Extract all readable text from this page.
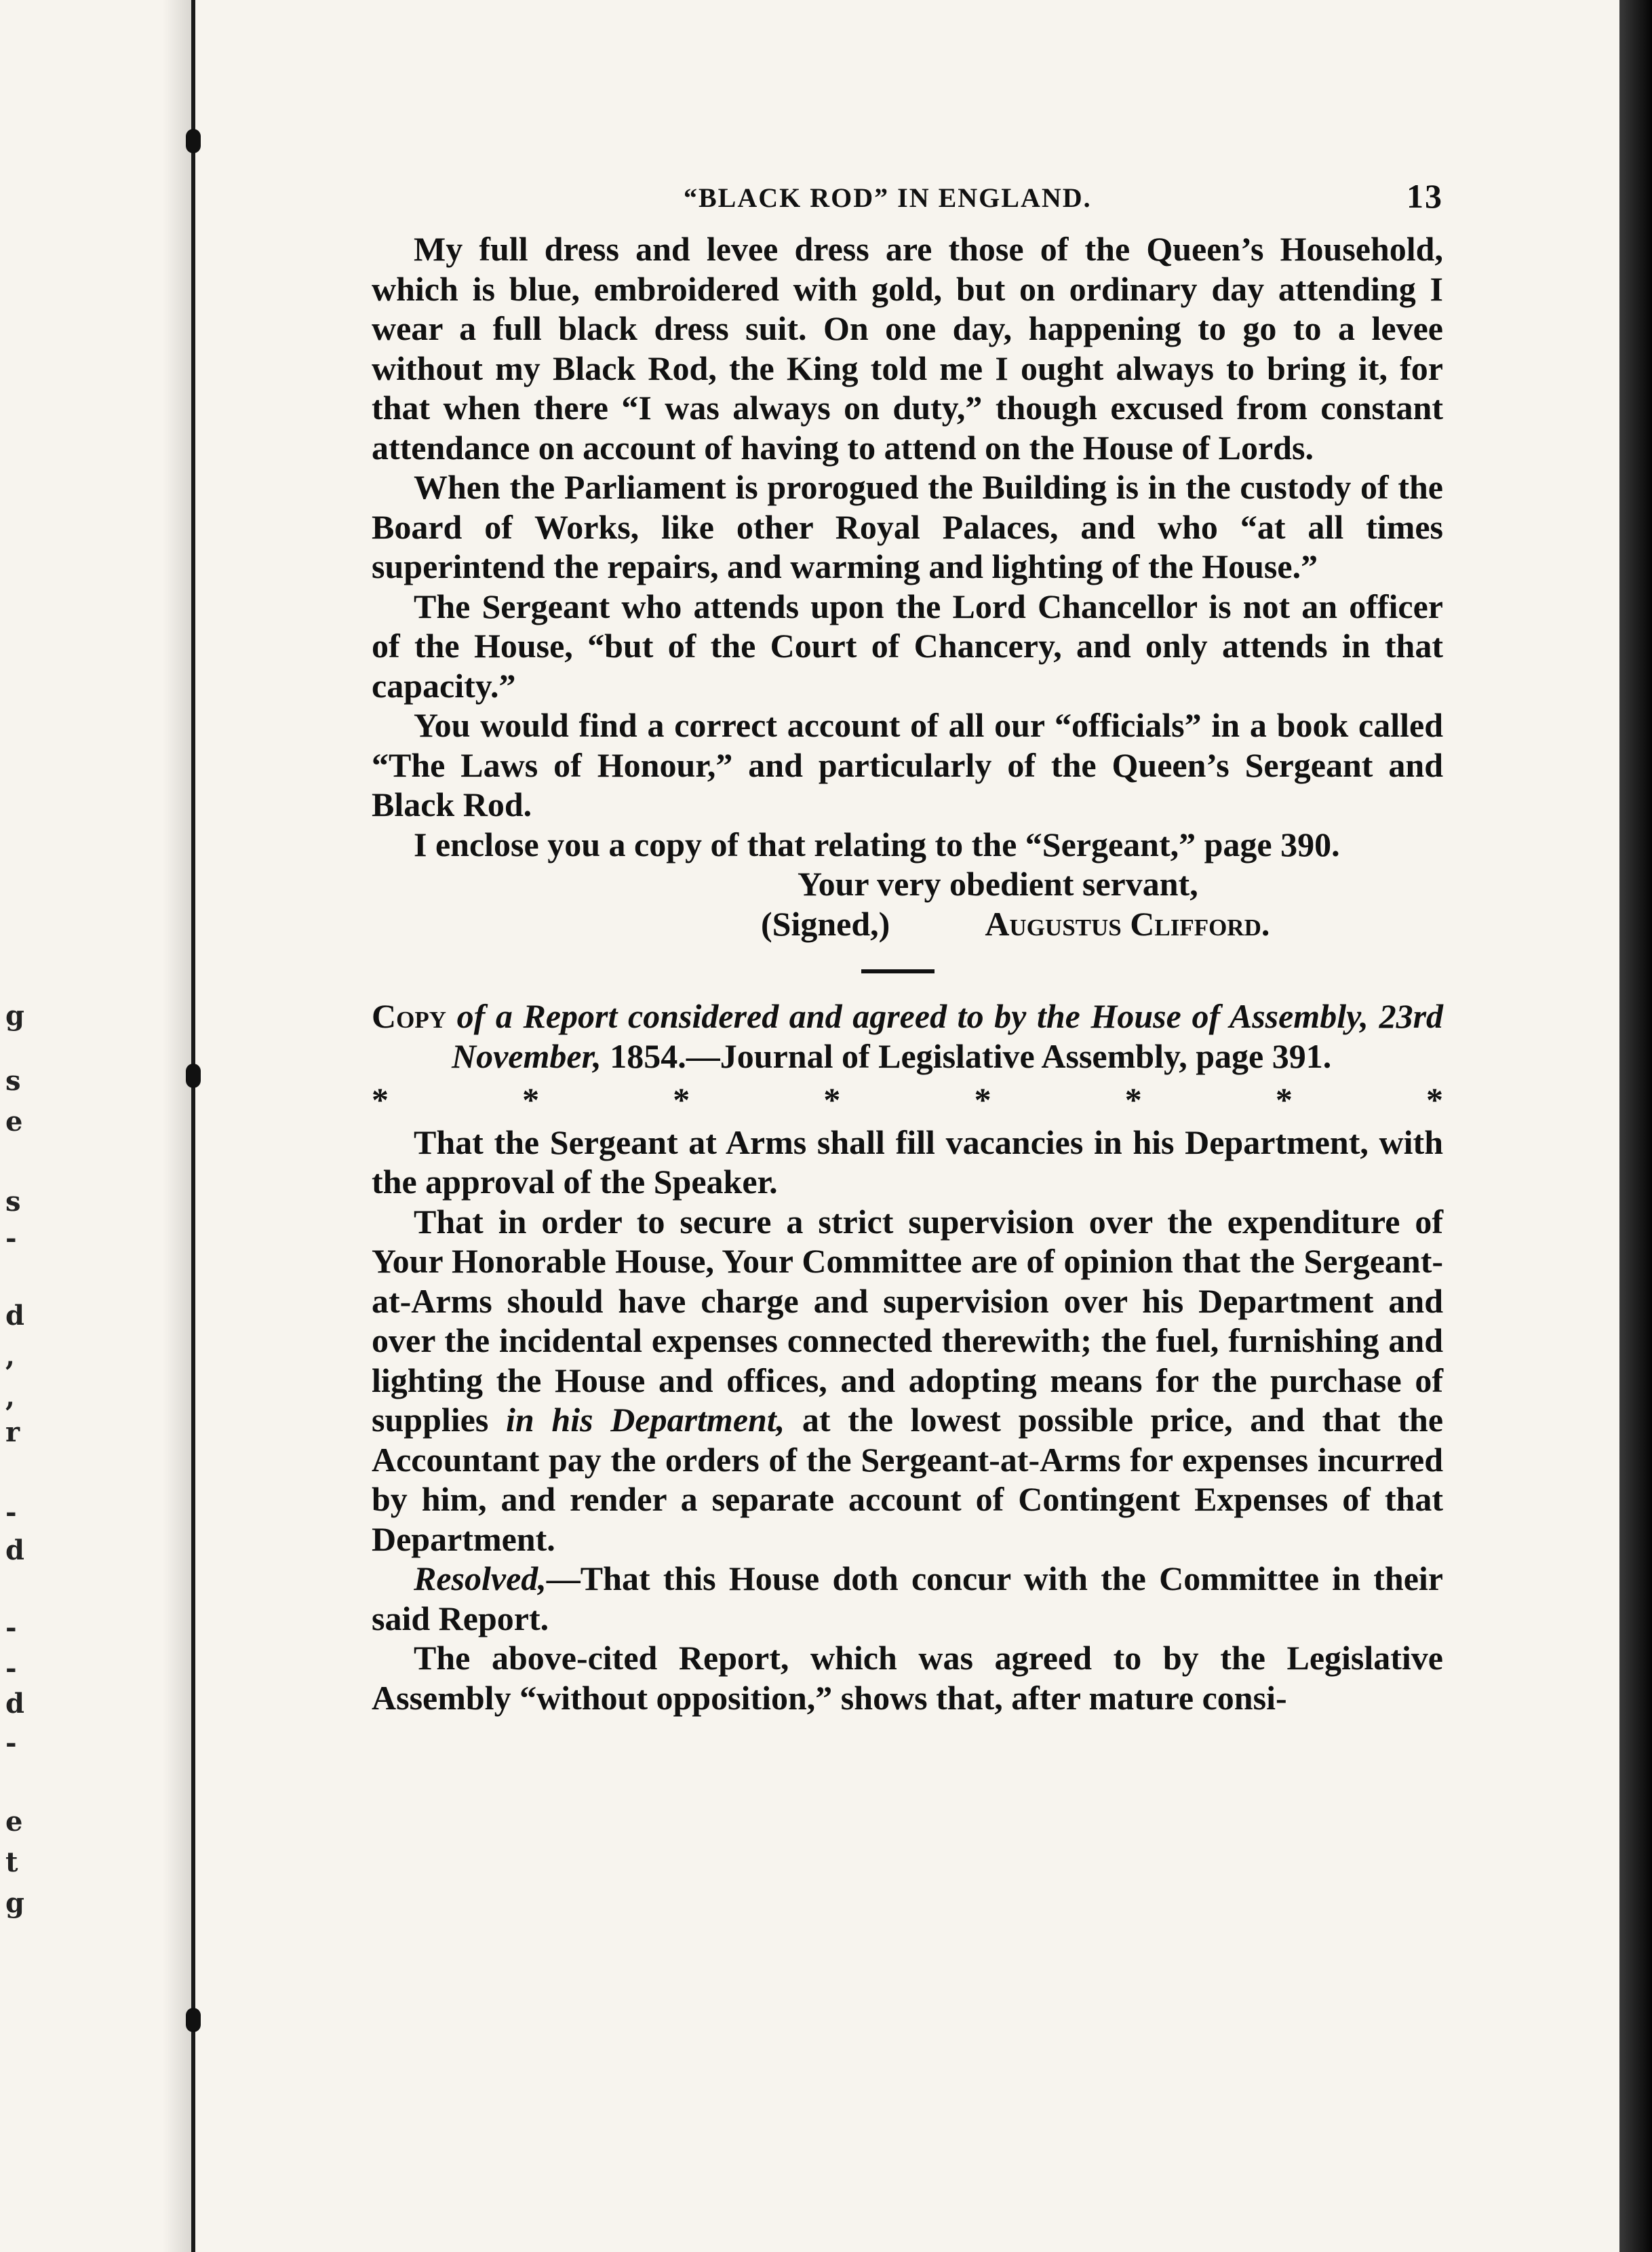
g
s
e
s
-
d
,
,
r
-
d
-
-
d
-
e
t
g
“BLACK ROD” IN ENGLAND.	13

My full dress and levee dress are those of the Queen’s Household, which is blue, embroidered with gold, but on ordinary day attending I wear a full black dress suit. On one day, happening to go to a levee without my Black Rod, the King told me I ought always to bring it, for that when there “I was always on duty,” though excused from constant attendance on account of having to attend on the House of Lords.

When the Parliament is prorogued the Building is in the custody of the Board of Works, like other Royal Palaces, and who “at all times superintend the repairs, and warming and lighting of the House.”

The Sergeant who attends upon the Lord Chancellor is not an officer of the House, “but of the Court of Chancery, and only attends in that capacity.”

You would find a correct account of all our “officials” in a book called “The Laws of Honour,” and particularly of the Queen’s Sergeant and Black Rod.

I enclose you a copy of that relating to the “Sergeant,” page 390.

Your very obedient servant,
(Signed,)	Augustus Clifford.

Copy of a Report considered and agreed to by the House of Assembly, 23rd November, 1854.—Journal of Legislative Assembly, page 391.

*	*	*	*	*	*	*	*

That the Sergeant at Arms shall fill vacancies in his Department, with the approval of the Speaker.

That in order to secure a strict supervision over the expenditure of Your Honorable House, Your Committee are of opinion that the Sergeant-at-Arms should have charge and supervision over his Department and over the incidental expenses connected therewith; the fuel, furnishing and lighting the House and offices, and adopting means for the purchase of supplies in his Department, at the lowest possible price, and that the Accountant pay the orders of the Sergeant-at-Arms for expenses incurred by him, and render a separate account of Contingent Expenses of that Department.

Resolved,—That this House doth concur with the Committee in their said Report.

The above-cited Report, which was agreed to by the Legislative Assembly “without opposition,” shows that, after mature consi-
